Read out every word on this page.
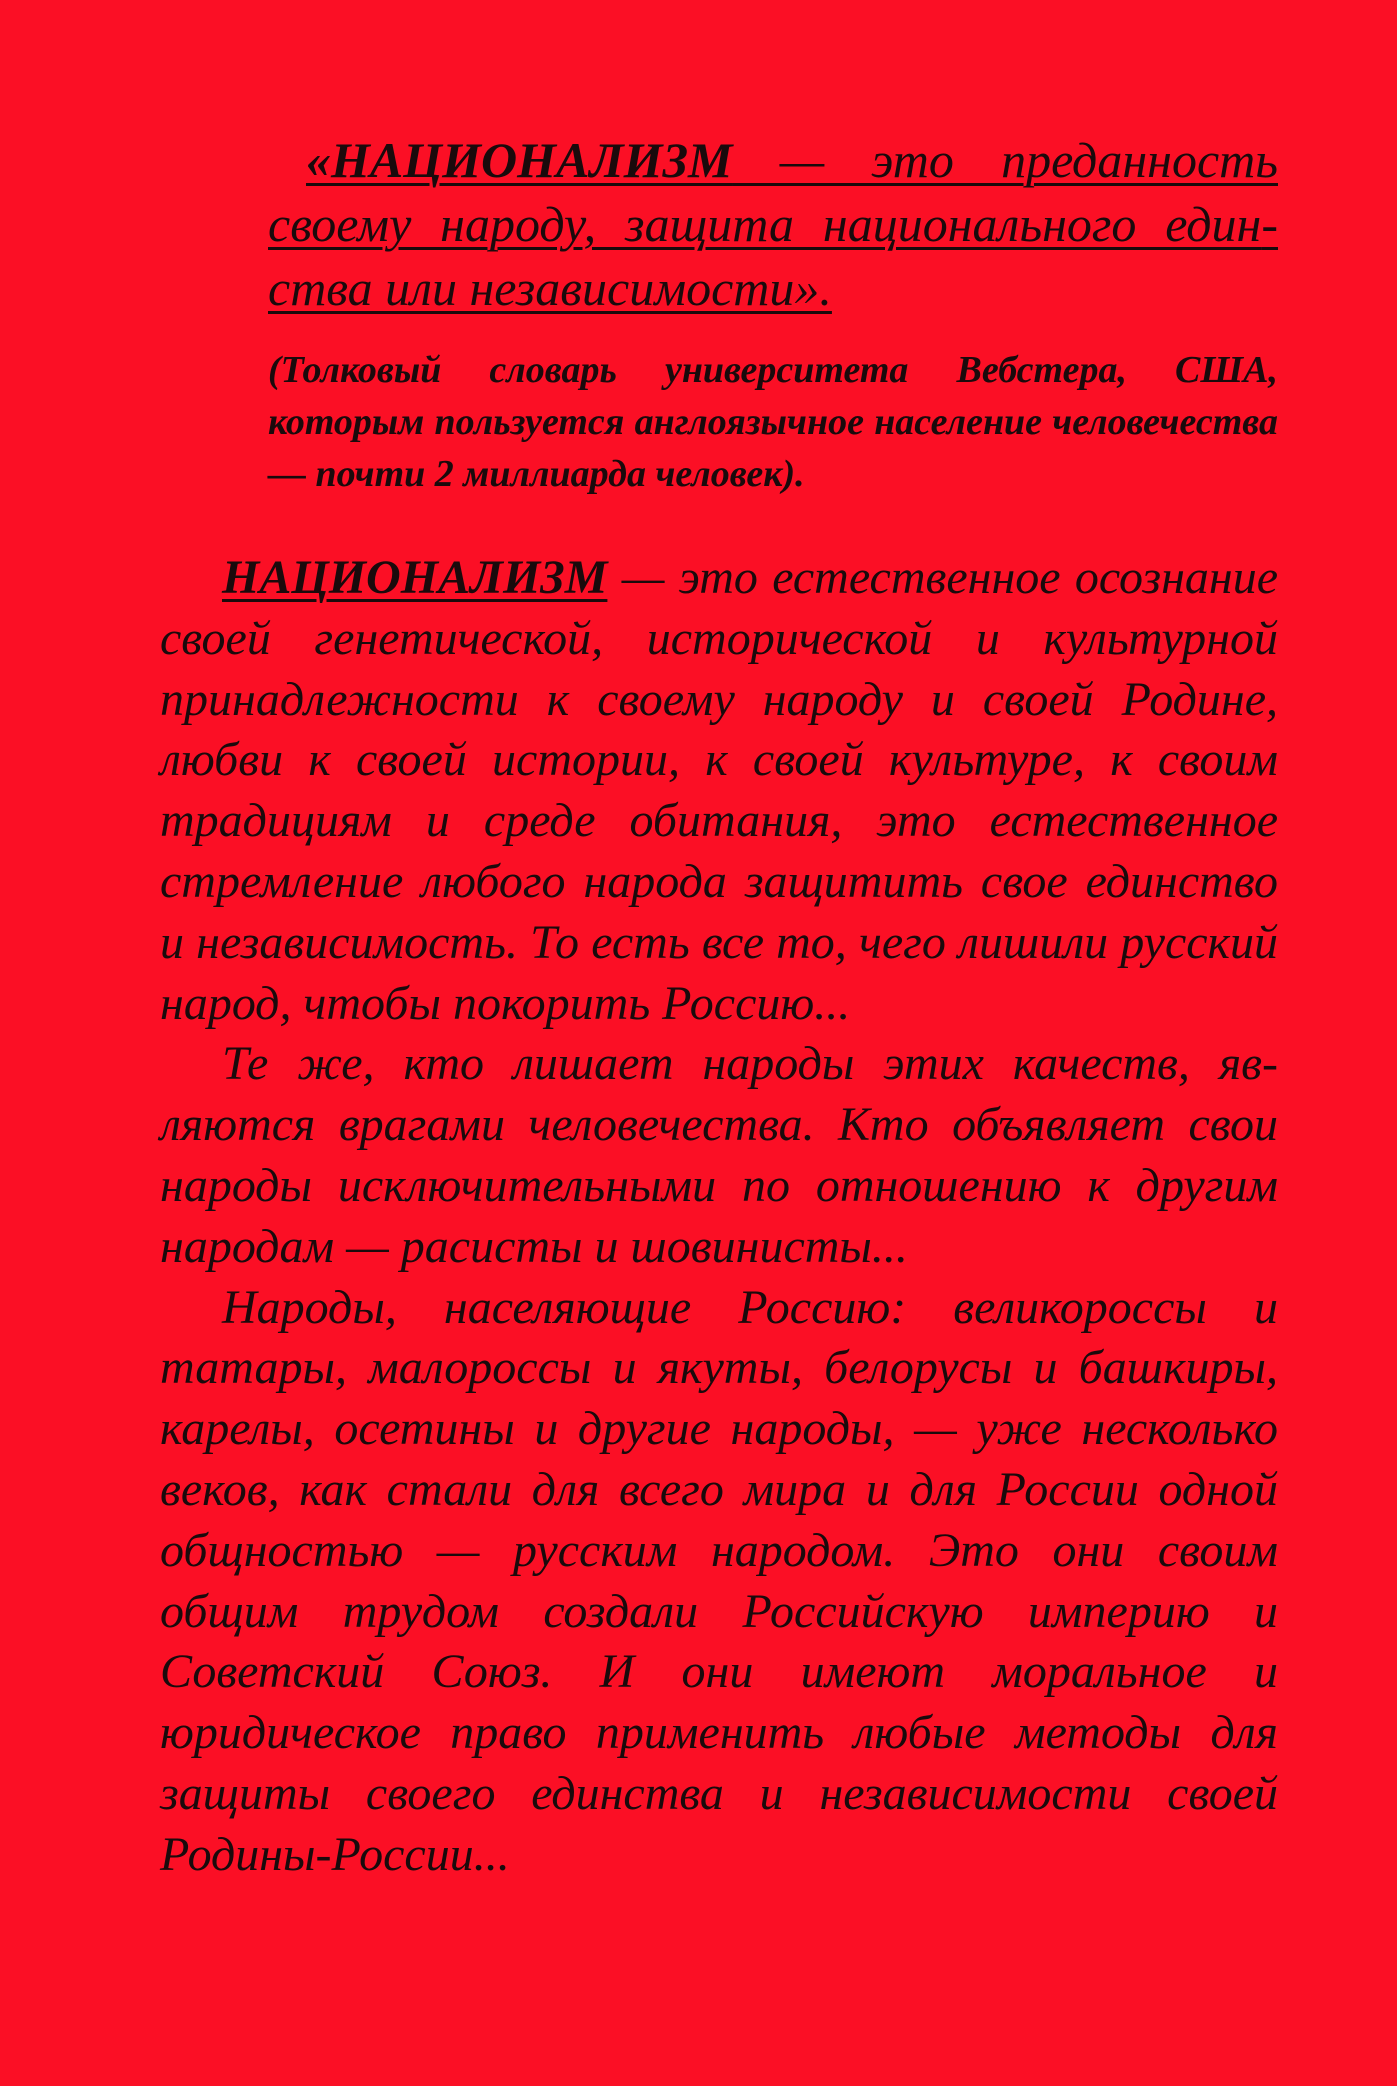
«НАЦИОНАЛИЗМ — это преданность своему народу, защита национального единства или независимости».

(Толковый словарь университета Вебстера, США, которым пользуется англоязычное население человечества — почти 2 миллиарда человек).

НАЦИОНАЛИЗМ — это естественное осознание своей генетической, исторической и культурной принадлежности к своему народу и своей Родине, любви к своей истории, к своей культуре, к своим традициям и среде обитания, это естественное стремление любого народа защитить свое единство и независимость. То есть все то, чего лишили русский народ, чтобы покорить Россию...

Те же, кто лишает народы этих качеств, являются врагами человечества. Кто объявляет свои народы исключительными по отношению к другим народам — расисты и шовинисты...

Народы, населяющие Россию: великороссы и татары, малороссы и якуты, белорусы и башкиры, карелы, осетины и другие народы, — уже несколько веков, как стали для всего мира и для России одной общностью — русским народом. Это они своим общим трудом создали Российскую империю и Советский Союз. И они имеют моральное и юридическое право применить любые методы для защиты своего единства и независимости своей Родины-России...
